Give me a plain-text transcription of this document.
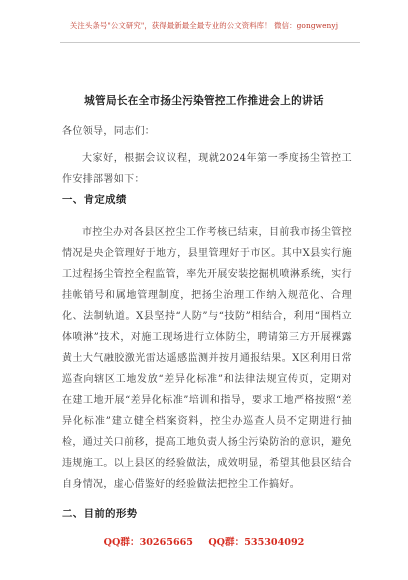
关注头条号"公文研究"，获得最新最全最专业的公文资料库！ 微信：gongwenyj
城管局长在全市扬尘污染管控工作推进会上的讲话
各位领导，同志们：
大家好，根据会议议程，现就2024年第一季度扬尘管控工作安排部署如下：
一、肯定成绩
市控尘办对各县区控尘工作考核已结束，目前我市扬尘管控情况是央企管理好于地方，县里管理好于市区。其中X县实行施工过程扬尘管控全程监管，率先开展安装挖掘机喷淋系统，实行挂帐销号和属地管理制度，把扬尘治理工作纳入规范化、合理化、法制轨道。X县坚持“人防”与“技防”相结合，利用“围档立体喷淋”技术，对施工现场进行立体防尘，聘请第三方开展裸露黄土大气融胶激光雷达遥感监测并按月通报结果。X区利用日常巡查向辖区工地发放“差异化标准”和法律法规宣传页，定期对在建工地开展“差异化标准”培训和指导，要求工地严格按照“差异化标准”建立健全档案资料，控尘办巡查人员不定期进行抽检，通过关口前移，提高工地负责人扬尘污染防治的意识，避免违规施工。以上县区的经验做法，成效明显，希望其他县区结合自身情况，虚心借鉴好的经验做法把控尘工作搞好。
二、目前的形势
QQ群：30265665 QQ群：535304092
